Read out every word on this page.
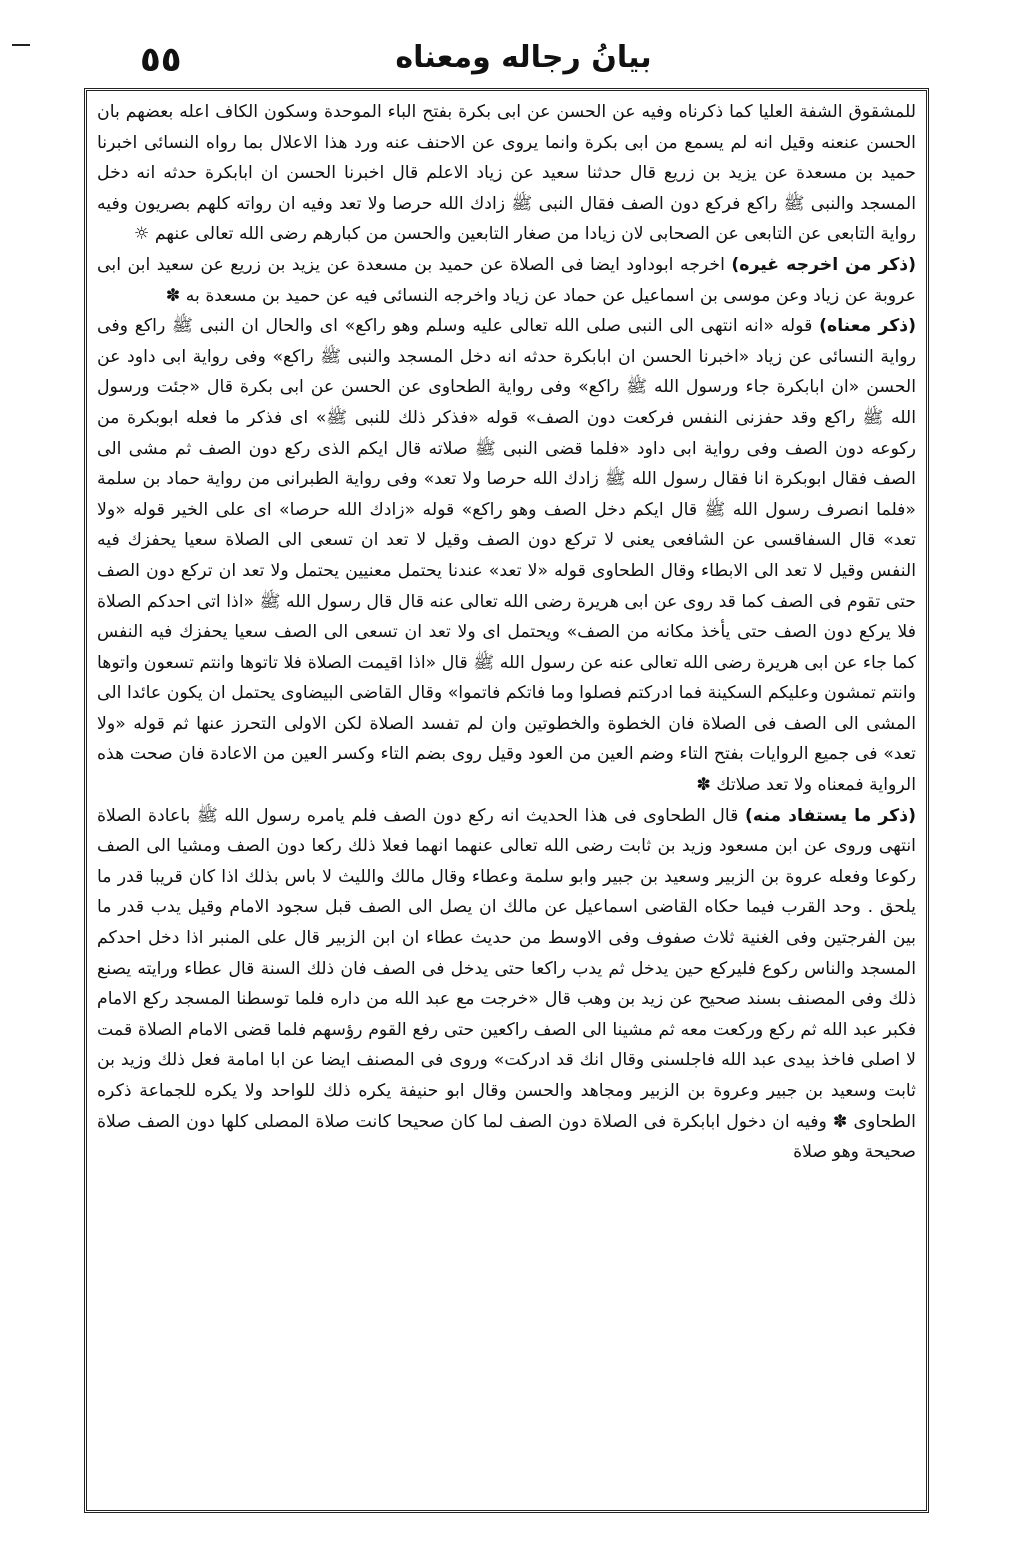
٥٥	بيانُ رجاله ومعناه

للمشقوق الشفة العليا كما ذكرناه وفيه عن الحسن عن ابى بكرة بفتح الباء الموحدة وسكون الكاف اعله بعضهم بان الحسن عنعنه وقيل انه لم يسمع من ابى بكرة وانما يروى عن الاحنف عنه ورد هذا الاعلال بما رواه النسائى اخبرنا حميد بن مسعدة عن يزيد بن زريع قال حدثنا سعيد عن زياد الاعلم قال اخبرنا الحسن ان ابابكرة حدثه انه دخل المسجد والنبى ﷺ راكع فركع دون الصف فقال النبى ﷺ زادك الله حرصا ولا تعد وفيه ان رواته كلهم بصريون وفيه رواية التابعى عن التابعى عن الصحابى لان زيادا من صغار التابعين والحسن من كبارهم رضى الله تعالى عنهم ☼

(ذكر من اخرجه غيره) اخرجه ابوداود ايضا فى الصلاة عن حميد بن مسعدة عن يزيد بن زريع عن سعيد ابن ابى عروبة عن زياد وعن موسى بن اسماعيل عن حماد عن زياد واخرجه النسائى فيه عن حميد بن مسعدة به ✽

(ذكر معناه) قوله «انه انتهى الى النبى صلى الله تعالى عليه وسلم وهو راكع» اى والحال ان النبى ﷺ راكع وفى رواية النسائى عن زياد «اخبرنا الحسن ان ابابكرة حدثه انه دخل المسجد والنبى ﷺ راكع» وفى رواية ابى داود عن الحسن «ان ابابكرة جاء ورسول الله ﷺ راكع» وفى رواية الطحاوى عن الحسن عن ابى بكرة قال «جئت ورسول الله ﷺ راكع وقد حفزنى النفس فركعت دون الصف» قوله «فذكر ذلك للنبى ﷺ» اى فذكر ما فعله ابوبكرة من ركوعه دون الصف وفى رواية ابى داود «فلما قضى النبى ﷺ صلاته قال ايكم الذى ركع دون الصف ثم مشى الى الصف فقال ابوبكرة انا فقال رسول الله ﷺ زادك الله حرصا ولا تعد» وفى رواية الطبرانى من رواية حماد بن سلمة «فلما انصرف رسول الله ﷺ قال ايكم دخل الصف وهو راكع» قوله «زادك الله حرصا» اى على الخير قوله «ولا تعد» قال السفاقسى عن الشافعى يعنى لا تركع دون الصف وقيل لا تعد ان تسعى الى الصلاة سعيا يحفزك فيه النفس وقيل لا تعد الى الابطاء وقال الطحاوى قوله «لا تعد» عندنا يحتمل معنيين يحتمل ولا تعد ان تركع دون الصف حتى تقوم فى الصف كما قد روى عن ابى هريرة رضى الله تعالى عنه قال قال رسول الله ﷺ «اذا اتى احدكم الصلاة فلا يركع دون الصف حتى يأخذ مكانه من الصف» ويحتمل اى ولا تعد ان تسعى الى الصف سعيا يحفزك فيه النفس كما جاء عن ابى هريرة رضى الله تعالى عنه عن رسول الله ﷺ قال «اذا اقيمت الصلاة فلا تاتوها وانتم تسعون واتوها وانتم تمشون وعليكم السكينة فما ادركتم فصلوا وما فاتكم فاتموا» وقال القاضى البيضاوى يحتمل ان يكون عائدا الى المشى الى الصف فى الصلاة فان الخطوة والخطوتين وان لم تفسد الصلاة لكن الاولى التحرز عنها ثم قوله «ولا تعد» فى جميع الروايات بفتح التاء وضم العين من العود وقيل روى بضم التاء وكسر العين من الاعادة فان صحت هذه الرواية فمعناه ولا تعد صلاتك ✽

(ذكر ما يستفاد منه) قال الطحاوى فى هذا الحديث انه ركع دون الصف فلم يامره رسول الله ﷺ باعادة الصلاة انتهى وروى عن ابن مسعود وزيد بن ثابت رضى الله تعالى عنهما انهما فعلا ذلك ركعا دون الصف ومشيا الى الصف ركوعا وفعله عروة بن الزبير وسعيد بن جبير وابو سلمة وعطاء وقال مالك والليث لا باس بذلك اذا كان قريبا قدر ما يلحق . وحد القرب فيما حكاه القاضى اسماعيل عن مالك ان يصل الى الصف قبل سجود الامام وقيل يدب قدر ما بين الفرجتين وفى الغنية ثلاث صفوف وفى الاوسط من حديث عطاء ان ابن الزبير قال على المنبر اذا دخل احدكم المسجد والناس ركوع فليركع حين يدخل ثم يدب راكعا حتى يدخل فى الصف فان ذلك السنة قال عطاء ورايته يصنع ذلك وفى المصنف بسند صحيح عن زيد بن وهب قال «خرجت مع عبد الله من داره فلما توسطنا المسجد ركع الامام فكبر عبد الله ثم ركع وركعت معه ثم مشينا الى الصف راكعين حتى رفع القوم رؤسهم فلما قضى الامام الصلاة قمت لا اصلى فاخذ بيدى عبد الله فاجلسنى وقال انك قد ادركت» وروى فى المصنف ايضا عن ابا امامة فعل ذلك وزيد بن ثابت وسعيد بن جبير وعروة بن الزبير ومجاهد والحسن وقال ابو حنيفة يكره ذلك للواحد ولا يكره للجماعة ذكره الطحاوى ✽ وفيه ان دخول ابابكرة فى الصلاة دون الصف لما كان صحيحا كانت صلاة المصلى كلها دون الصف صلاة صحيحة وهو صلاة
